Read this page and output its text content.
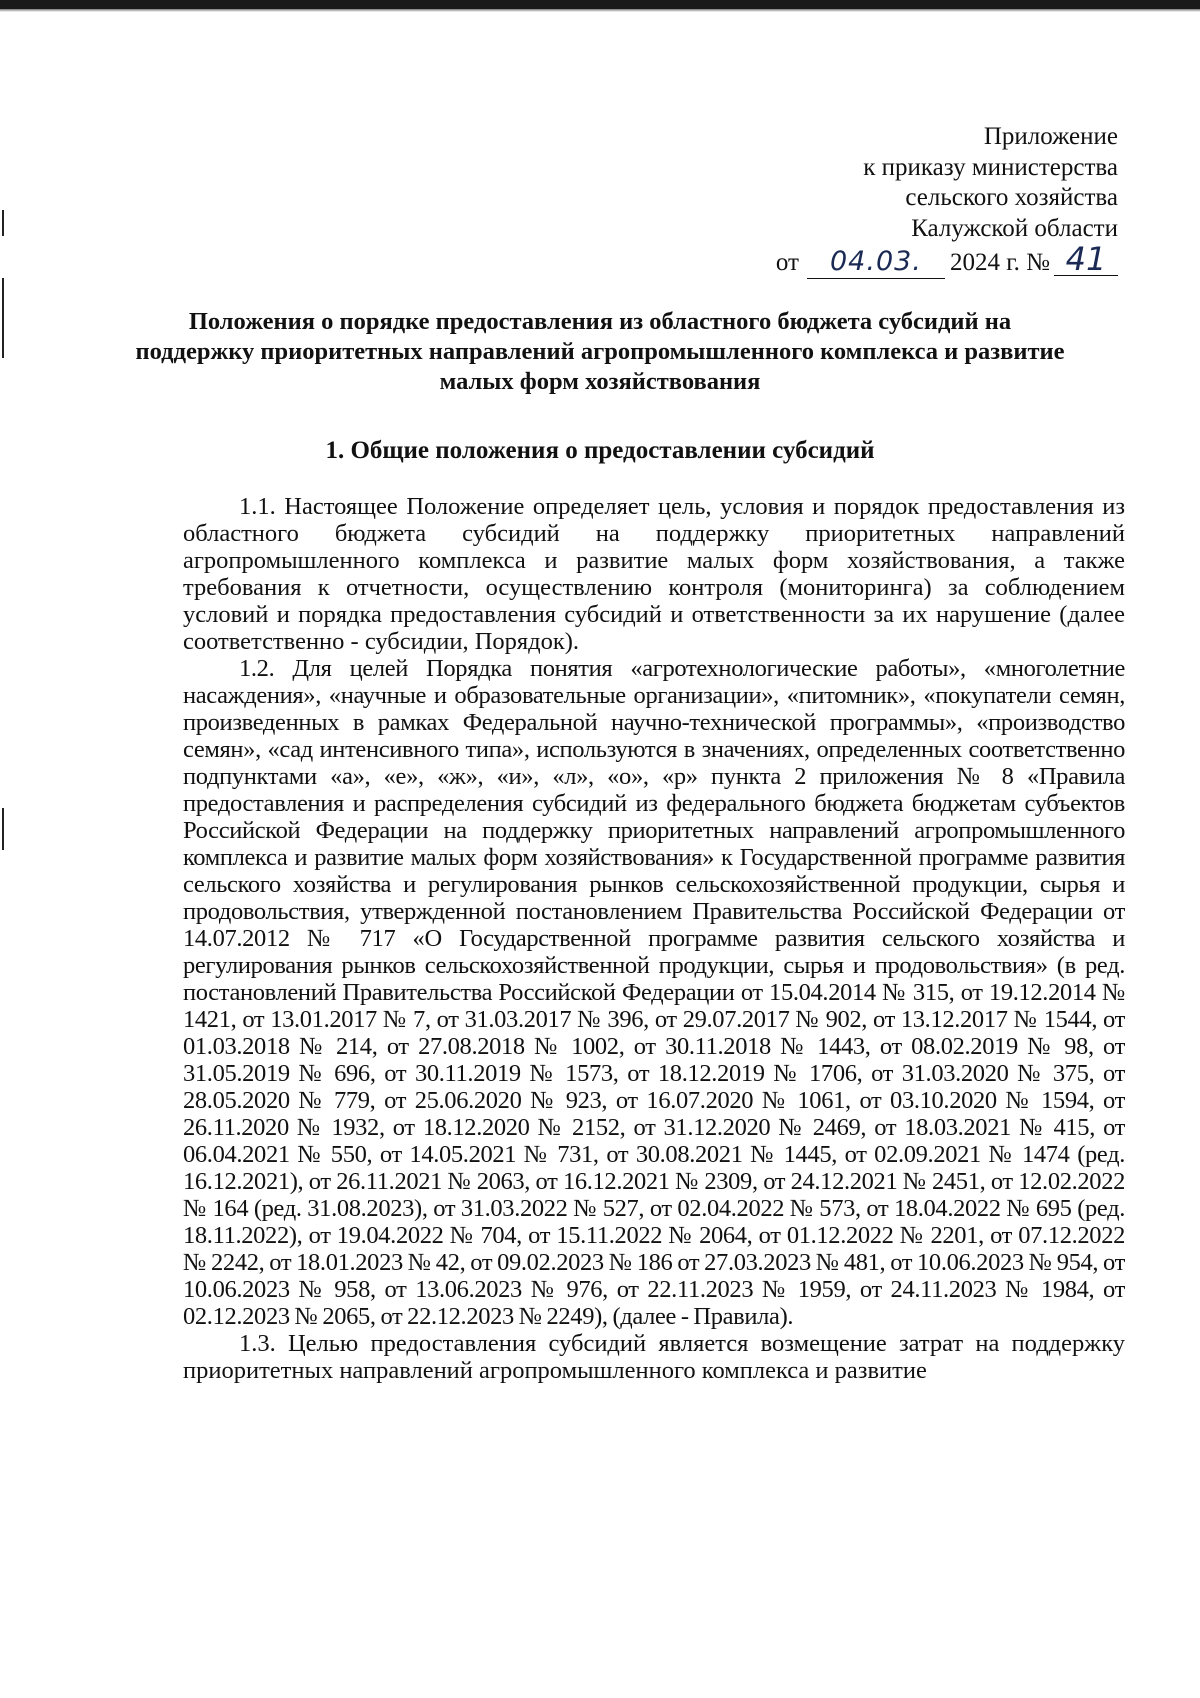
Приложение
к приказу министерства
сельского хозяйства
Калужской области
от	04.03.	2024 г. № 41
Положения о порядке предоставления из областного бюджета субсидий на поддержку приоритетных направлений агропромышленного комплекса и развитие малых форм хозяйствования
1. Общие положения о предоставлении субсидий

1.1. Настоящее Положение определяет цель, условия и порядок предоставления из областного бюджета субсидий на поддержку приоритетных направлений агропромышленного комплекса и развитие малых форм хозяйствования, а также требования к отчетности, осуществлению контроля (мониторинга) за соблюдением условий и порядка предоставления субсидий и ответственности за их нарушение (далее соответственно - субсидии, Порядок).

1.2. Для целей Порядка понятия «агротехнологические работы», «многолетние насаждения», «научные и образовательные организации», «питомник», «покупатели семян, произведенных в рамках Федеральной научно-технической программы», «производство семян», «сад интенсивного типа», используются в значениях, определенных соответственно подпунктами «а», «е», «ж», «и», «л», «о», «р» пункта 2 приложения № 8 «Правила предоставления и распределения субсидий из федерального бюджета бюджетам субъектов Российской Федерации на поддержку приоритетных направлений агропромышленного комплекса и развитие малых форм хозяйствования» к Государственной программе развития сельского хозяйства и регулирования рынков сельскохозяйственной продукции, сырья и продовольствия, утвержденной постановлением Правительства Российской Федерации от 14.07.2012 № 717 «О Государственной программе развития сельского хозяйства и регулирования рынков сельскохозяйственной продукции, сырья и продовольствия» (в ред. постановлений Правительства Российской Федерации от 15.04.2014 № 315, от 19.12.2014 № 1421, от 13.01.2017 № 7, от 31.03.2017 № 396, от 29.07.2017 № 902, от 13.12.2017 № 1544, от 01.03.2018 № 214, от 27.08.2018 № 1002, от 30.11.2018 № 1443, от 08.02.2019 № 98, от 31.05.2019 № 696, от 30.11.2019 № 1573, от 18.12.2019 № 1706, от 31.03.2020 № 375, от 28.05.2020 № 779, от 25.06.2020 № 923, от 16.07.2020 № 1061, от 03.10.2020 № 1594, от 26.11.2020 № 1932, от 18.12.2020 № 2152, от 31.12.2020 № 2469, от 18.03.2021 № 415, от 06.04.2021 № 550, от 14.05.2021 № 731, от 30.08.2021 № 1445, от 02.09.2021 № 1474 (ред. 16.12.2021), от 26.11.2021 № 2063, от 16.12.2021 № 2309, от 24.12.2021 № 2451, от 12.02.2022 № 164 (ред. 31.08.2023), от 31.03.2022 № 527, от 02.04.2022 № 573, от 18.04.2022 № 695 (ред. 18.11.2022), от 19.04.2022 № 704, от 15.11.2022 № 2064, от 01.12.2022 № 2201, от 07.12.2022 № 2242, от 18.01.2023 № 42, от 09.02.2023 № 186 от 27.03.2023 № 481, от 10.06.2023 № 954, от 10.06.2023 № 958, от 13.06.2023 № 976, от 22.11.2023 № 1959, от 24.11.2023 № 1984, от 02.12.2023 № 2065, от 22.12.2023 № 2249), (далее - Правила).

1.3. Целью предоставления субсидий является возмещение затрат на поддержку приоритетных направлений агропромышленного комплекса и развитие
